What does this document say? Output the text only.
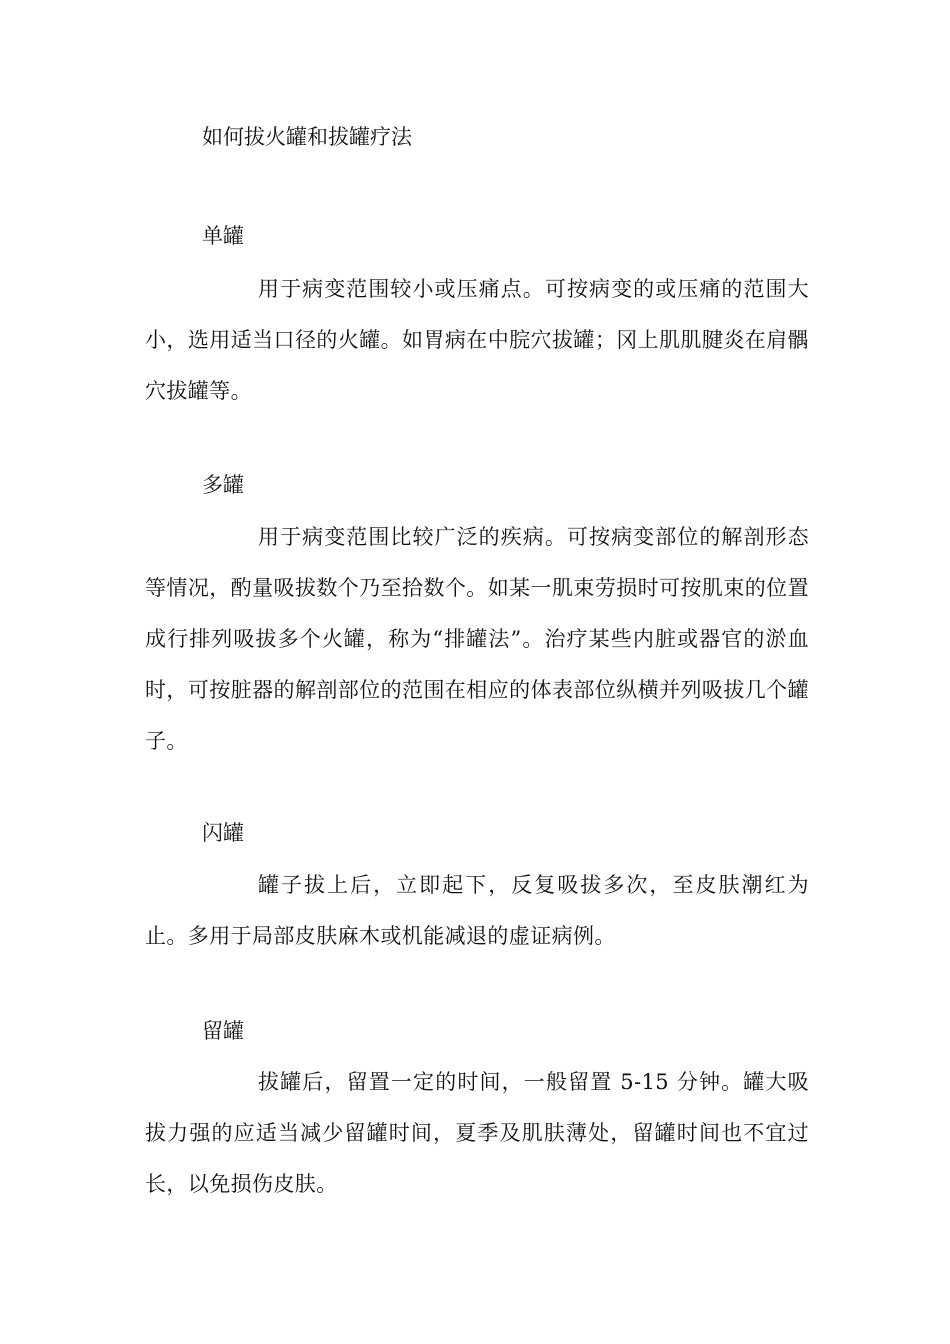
如何拔火罐和拔罐疗法
单罐
用于病变范围较小或压痛点。可按病变的或压痛的范围大小，选用适当口径的火罐。如胃病在中脘穴拔罐；冈上肌肌腱炎在肩髃穴拔罐等。
多罐
用于病变范围比较广泛的疾病。可按病变部位的解剖形态等情况，酌量吸拔数个乃至拾数个。如某一肌束劳损时可按肌束的位置成行排列吸拔多个火罐，称为“排罐法”。治疗某些内脏或器官的淤血时，可按脏器的解剖部位的范围在相应的体表部位纵横并列吸拔几个罐子。
闪罐
罐子拔上后，立即起下，反复吸拔多次，至皮肤潮红为止。多用于局部皮肤麻木或机能减退的虚证病例。
留罐
拔罐后，留置一定的时间，一般留置 5-15 分钟。罐大吸拔力强的应适当减少留罐时间，夏季及肌肤薄处，留罐时间也不宜过长，以免损伤皮肤。
